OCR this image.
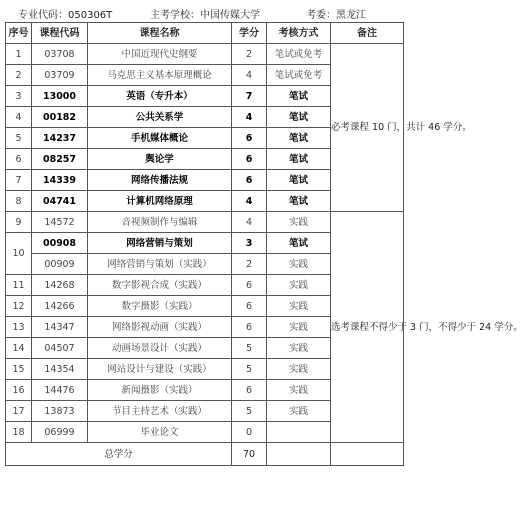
专业代码：050306T	主考学校：中国传媒大学	考委：黑龙江
序号	课程代码	课程名称	学分	考核方式	备注
1	03708	中国近现代史纲要	2	笔试或免考	必考课程 10 门，共计 46 学分。
2	03709	马克思主义基本原理概论	4	笔试或免考	
3	13000	英语（专升本）	7	笔试	
4	00182	公共关系学	4	笔试	
5	14237	手机媒体概论	6	笔试	
6	08257	舆论学	6	笔试	
7	14339	网络传播法规	6	笔试	
8	04741	计算机网络原理	4	笔试	
9	14572	音视频制作与编辑	4	实践	选考课程不得少于 3 门，不得少于 24 学分。
10	00908	网络营销与策划	3	笔试	
	00909	网络营销与策划（实践）	2	实践	
11	14268	数字影视合成（实践）	6	实践	
12	14266	数字摄影（实践）	6	实践	
13	14347	网络影视动画（实践）	6	实践	
14	04507	动画场景设计（实践）	5	实践	
15	14354	网站设计与建设（实践）	5	实践	
16	14476	新闻摄影（实践）	6	实践	
17	13873	节目主持艺术（实践）	5	实践	
18	06999	毕业论文	0		
总学分			70		
